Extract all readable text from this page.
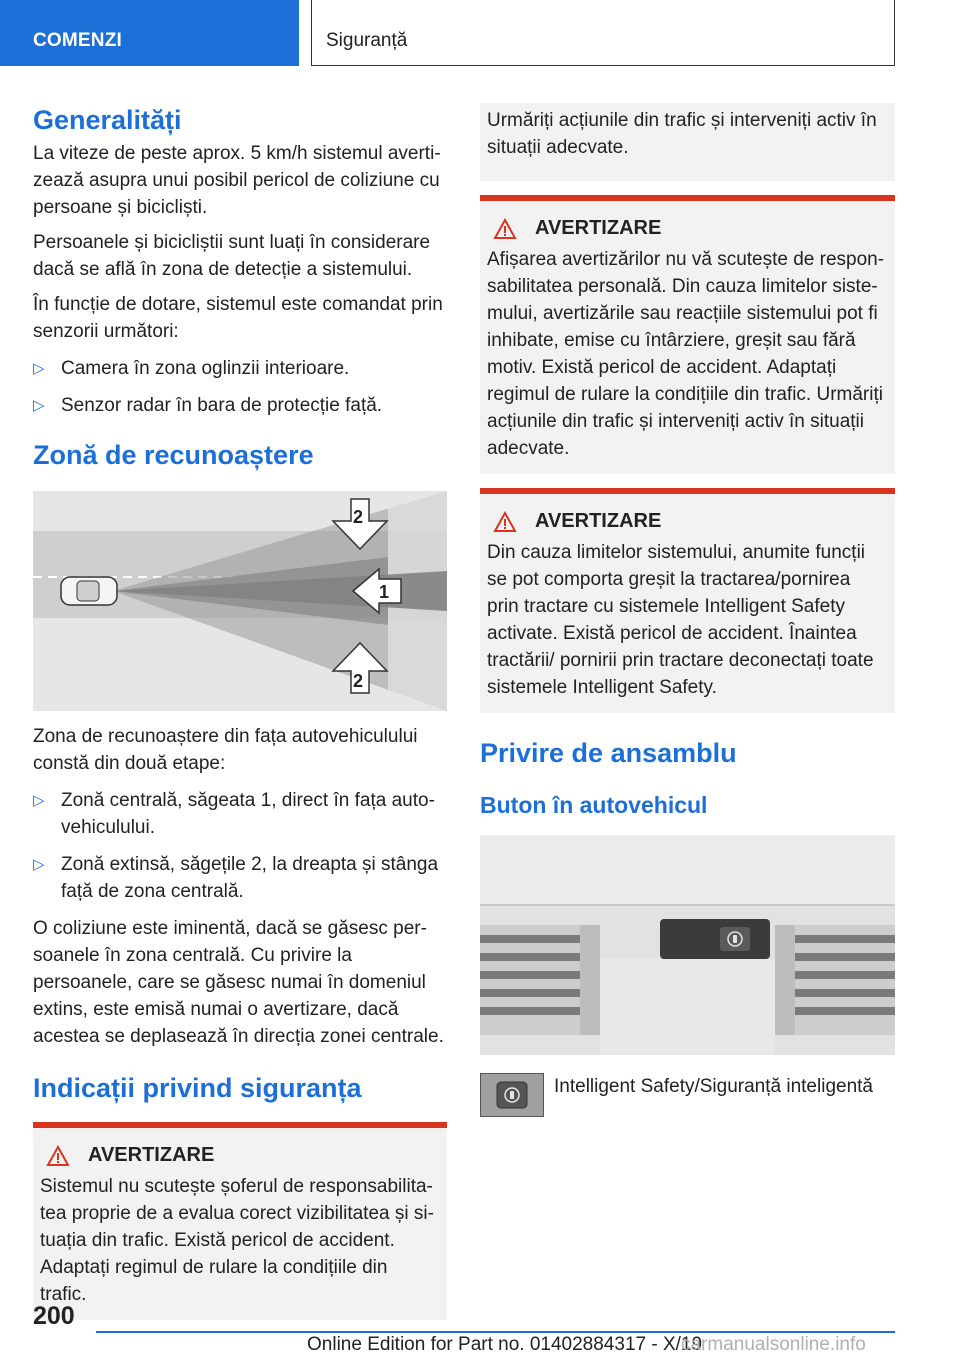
COMENZI	Siguranță
Generalități
La viteze de peste aprox. 5 km/h sistemul avertizează asupra unui posibil pericol de coliziune cu persoane și bicicliști.
Persoanele și bicicliștii sunt luați în considerare dacă se află în zona de detecție a sistemului.
În funcție de dotare, sistemul este comandat prin senzorii următori:
▷ Camera în zona oglinzii interioare.
▷ Senzor radar în bara de protecție față.
Zonă de recunoaștere
1
2
2
Zona de recunoaștere din fața autovehiculului constă din două etape:
▷ Zonă centrală, săgeata 1, direct în fața autovehiculului.
▷ Zonă extinsă, săgețile 2, la dreapta și stânga față de zona centrală.
O coliziune este iminentă, dacă se găsesc persoanele în zona centrală. Cu privire la persoanele, care se găsesc numai în domeniul extins, este emisă numai o avertizare, dacă acestea se deplasează în direcția zonei centrale.
Indicații privind siguranța
AVERTIZARE
Sistemul nu scutește șoferul de responsabilitatea proprie de a evalua corect vizibilitatea și situația din trafic. Există pericol de accident. Adaptați regimul de rulare la condițiile din trafic.
Urmăriți acțiunile din trafic și interveniți activ în situații adecvate.
AVERTIZARE
Afișarea avertizărilor nu vă scutește de responsabilitatea personală. Din cauza limitelor sistemului, avertizările sau reacțiile sistemului pot fi inhibate, emise cu întârziere, greșit sau fără motiv. Există pericol de accident. Adaptați regimul de rulare la condițiile din trafic. Urmăriți acțiunile din trafic și interveniți activ în situații adecvate.
AVERTIZARE
Din cauza limitelor sistemului, anumite funcții se pot comporta greșit la tractarea/pornirea prin tractare cu sistemele Intelligent Safety activate. Există pericol de accident. Înaintea tractării/ pornirii prin tractare deconectați toate sistemele Intelligent Safety.
Privire de ansamblu
Buton în autovehicul
Intelligent Safety/Siguranță inteligentă
200
Online Edition for Part no. 01402884317 - X/19
carmanualsonline.info
